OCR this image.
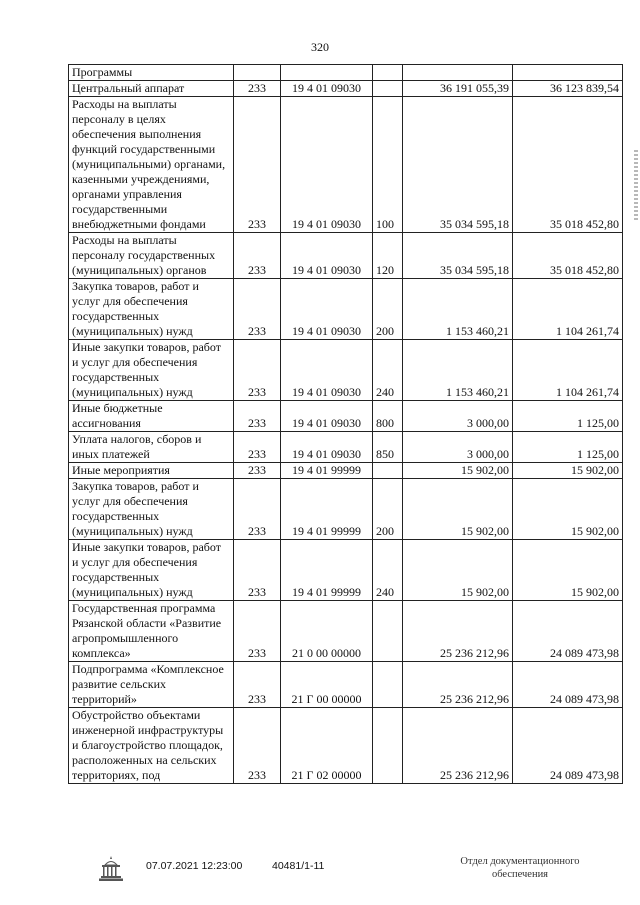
320
Программы					
Центральный аппарат	233	19 4 01 09030		36 191 055,39	36 123 839,54
Расходы на выплаты персоналу в целях обеспечения выполнения функций государственными (муниципальными) органами, казенными учреждениями, органами управления государственными внебюджетными фондами	233	19 4 01 09030	100	35 034 595,18	35 018 452,80
Расходы на выплаты персоналу государственных (муниципальных) органов	233	19 4 01 09030	120	35 034 595,18	35 018 452,80
Закупка товаров, работ и услуг для обеспечения государственных (муниципальных) нужд	233	19 4 01 09030	200	1 153 460,21	1 104 261,74
Иные закупки товаров, работ и услуг для обеспечения государственных (муниципальных) нужд	233	19 4 01 09030	240	1 153 460,21	1 104 261,74
Иные бюджетные ассигнования	233	19 4 01 09030	800	3 000,00	1 125,00
Уплата налогов, сборов и иных платежей	233	19 4 01 09030	850	3 000,00	1 125,00
Иные мероприятия	233	19 4 01 99999		15 902,00	15 902,00
Закупка товаров, работ и услуг для обеспечения государственных (муниципальных) нужд	233	19 4 01 99999	200	15 902,00	15 902,00
Иные закупки товаров, работ и услуг для обеспечения государственных (муниципальных) нужд	233	19 4 01 99999	240	15 902,00	15 902,00
Государственная программа Рязанской области «Развитие агропромышленного комплекса»	233	21 0 00 00000		25 236 212,96	24 089 473,98
Подпрограмма «Комплексное развитие сельских территорий»	233	21 Г 00 00000		25 236 212,96	24 089 473,98
Обустройство объектами инженерной инфраструктуры и благоустройство площадок, расположенных на сельских территориях, под	233	21 Г 02 00000		25 236 212,96	24 089 473,98
07.07.2021 12:23:00	40481/1-11	Отдел документационного обеспечения
